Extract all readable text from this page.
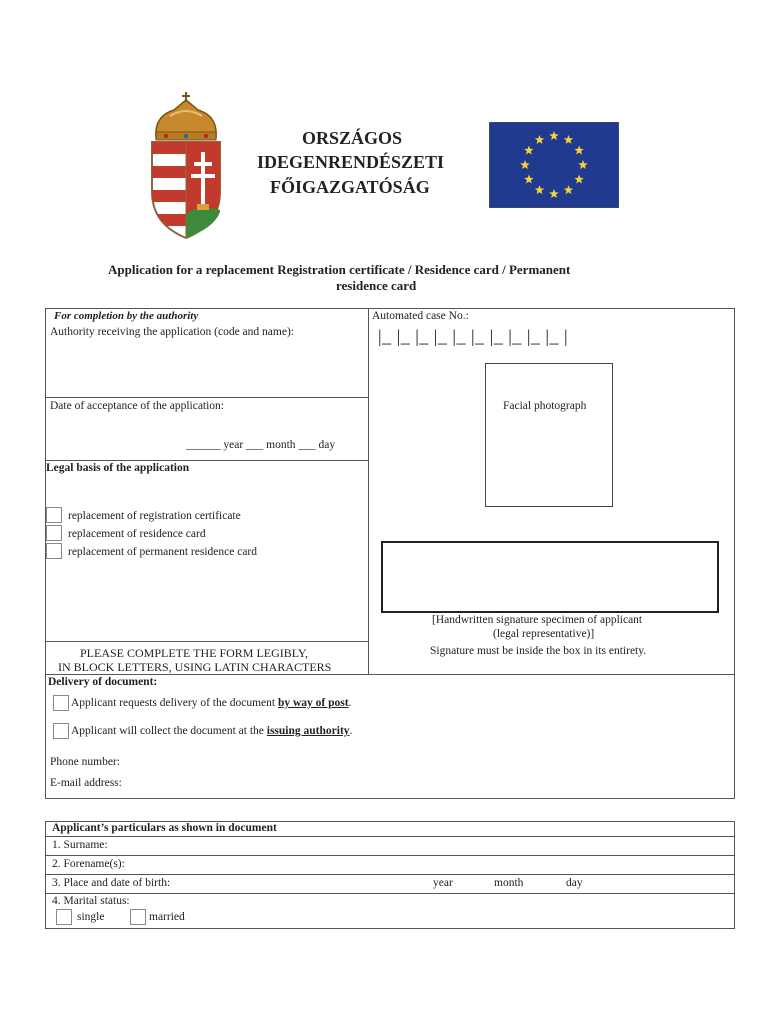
ORSZÁGOS
IDEGENRENDÉSZETI
FŐIGAZGATÓSÁG
Application for a replacement Registration certificate / Residence card / Permanent
residence card
For completion by the authority
Authority receiving the application (code and name):
Automated case No.:
|_ |_ |_ |_ |_ |_ |_ |_ |_ |_ |
Date of acceptance of the application:
______ year ___ month ___ day
Facial photograph
Legal basis of the application
replacement of registration certificate
replacement of residence card
replacement of permanent residence card
[Handwritten signature specimen of applicant
(legal representative)]
Signature must be inside the box in its entirety.
PLEASE COMPLETE THE FORM LEGIBLY,
IN BLOCK LETTERS, USING LATIN CHARACTERS
Delivery of document:
Applicant requests delivery of the document by way of post.
Applicant will collect the document at the issuing authority.
Phone number:
E-mail address:
Applicant’s particulars as shown in document
1. Surname:
2. Forename(s):
3. Place and date of birth:	year	month	day
4. Marital status:
single	married
